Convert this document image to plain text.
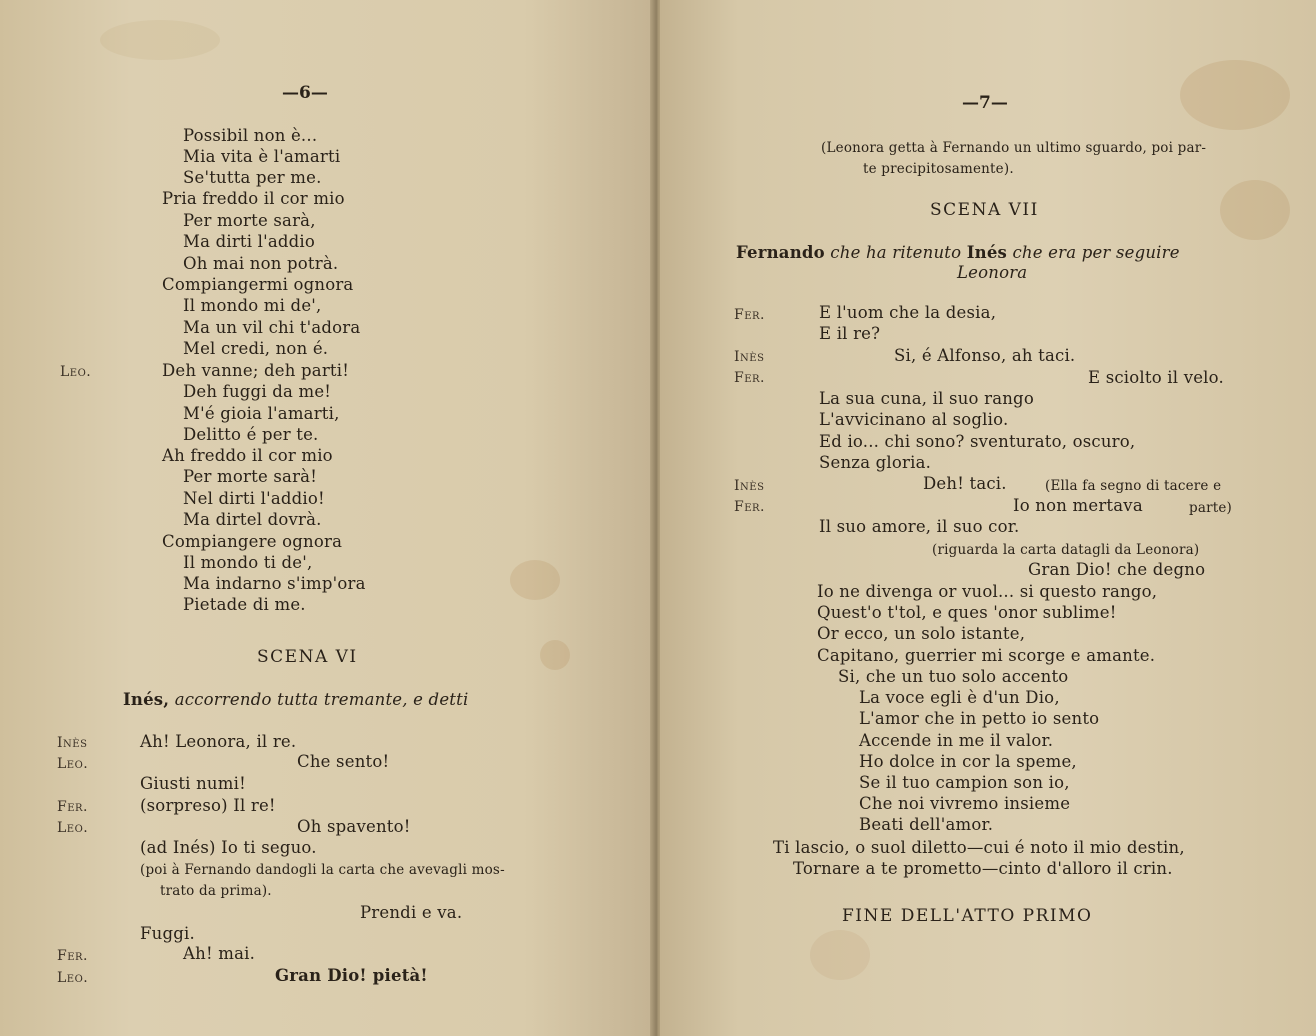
—6—
Possibil non è...
Mia vita è l'amarti
Se'tutta per me.
Pria freddo il cor mio
Per morte sarà,
Ma dirti l'addio
Oh mai non potrà.
Compiangermi ognora
Il mondo mi de',
Ma un vil chi t'adora
Mel credi, non é.
Leo.	Deh vanne; deh parti!
Deh fuggi da me!
M'é gioia l'amarti,
Delitto é per te.
Ah freddo il cor mio
Per morte sarà!
Nel dirti l'addio!
Ma dirtel dovrà.
Compiangere ognora
Il mondo ti de',
Ma indarno s'imp'ora
Pietade di me.
SCENA VI
Inés, accorrendo tutta tremante, e detti
Inès	Ah! Leonora, il re.
Leo.	Che sento!
Giusti numi!
Fer.	(sorpreso) Il re!
Leo.	Oh spavento!
(ad Inés) Io ti seguo.
(poi à Fernando dandogli la carta che avevagli mos-
trato da prima).
Prendi e va.
Fuggi.
Fer.	Ah! mai.
Leo.	Gran Dio! pietà!
—7—
(Leonora getta à Fernando un ultimo sguardo, poi par-
te precipitosamente).
SCENA VII
Fernando che ha ritenuto Inés che era per seguire
Leonora
Fer.	E l'uom che la desia,
E il re?
Inès	Si, é Alfonso, ah taci.
Fer.	E sciolto il velo.
La sua cuna, il suo rango
L'avvicinano al soglio.
Ed io... chi sono? sventurato, oscuro,
Senza gloria.
Inès	Deh! taci.	(Ella fa segno di tacere e
Fer.	Io non mertava	parte)
Il suo amore, il suo cor.
(riguarda la carta datagli da Leonora)
Gran Dio! che degno
Io ne divenga or vuol... si questo rango,
Quest'o t'tol, e ques 'onor sublime!
Or ecco, un solo istante,
Capitano, guerrier mi scorge e amante.
Si, che un tuo solo accento
La voce egli è d'un Dio,
L'amor che in petto io sento
Accende in me il valor.
Ho dolce in cor la speme,
Se il tuo campion son io,
Che noi vivremo insieme
Beati dell'amor.
Ti lascio, o suol diletto—cui é noto il mio destin,
Tornare a te prometto—cinto d'alloro il crin.
FINE DELL'ATTO PRIMO
